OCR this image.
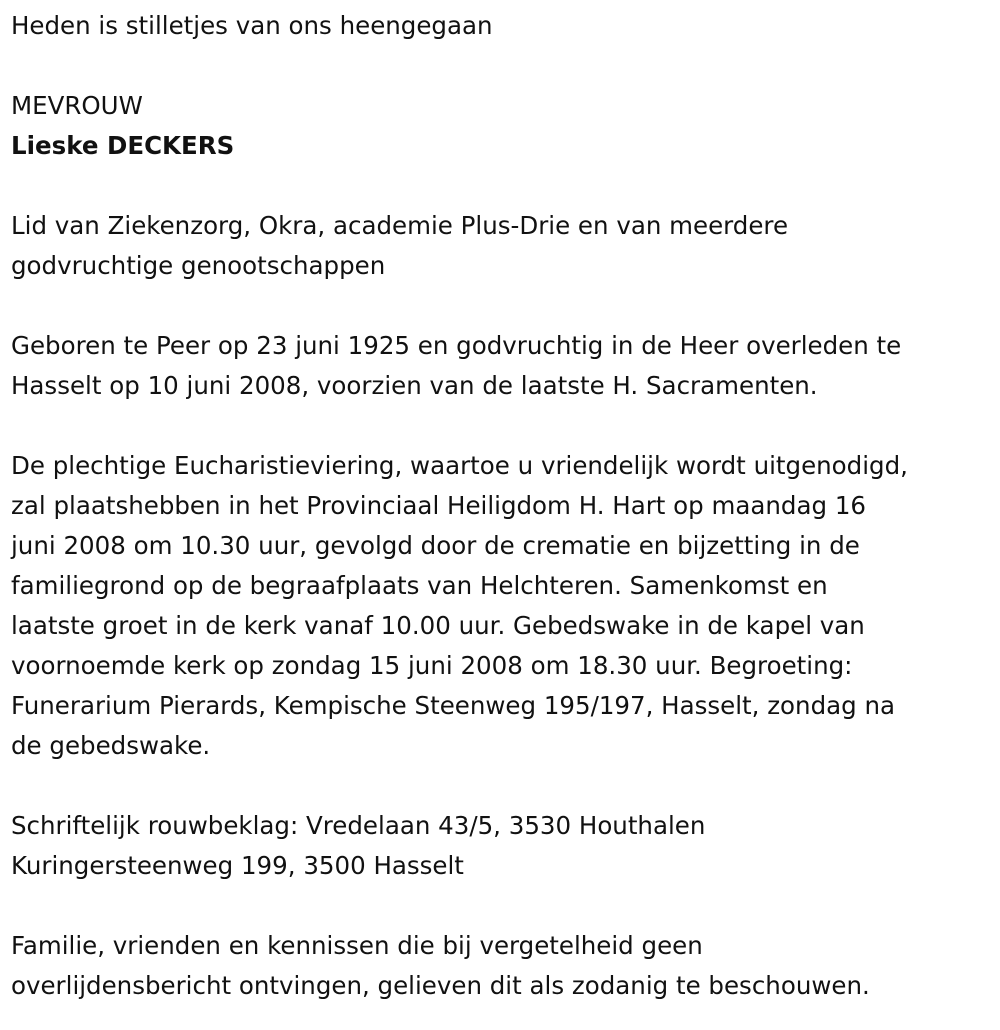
Heden is stilletjes van ons heengegaan

MEVROUW

Lieske DECKERS

Lid van Ziekenzorg, Okra, academie Plus-Drie en van meerdere

godvruchtige genootschappen

Geboren te Peer op 23 juni 1925 en godvruchtig in de Heer overleden te

Hasselt op 10 juni 2008, voorzien van de laatste H. Sacramenten.

De plechtige Eucharistieviering, waartoe u vriendelijk wordt uitgenodigd,

zal plaatshebben in het Provinciaal Heiligdom H. Hart op maandag 16

juni 2008 om 10.30 uur, gevolgd door de crematie en bijzetting in de

familiegrond op de begraafplaats van Helchteren. Samenkomst en

laatste groet in de kerk vanaf 10.00 uur. Gebedswake in de kapel van

voornoemde kerk op zondag 15 juni 2008 om 18.30 uur. Begroeting:

Funerarium Pierards, Kempische Steenweg 195/197, Hasselt, zondag na

de gebedswake.

Schriftelijk rouwbeklag: Vredelaan 43/5, 3530 Houthalen

Kuringersteenweg 199, 3500 Hasselt

Familie, vrienden en kennissen die bij vergetelheid geen

overlijdensbericht ontvingen, gelieven dit als zodanig te beschouwen.
